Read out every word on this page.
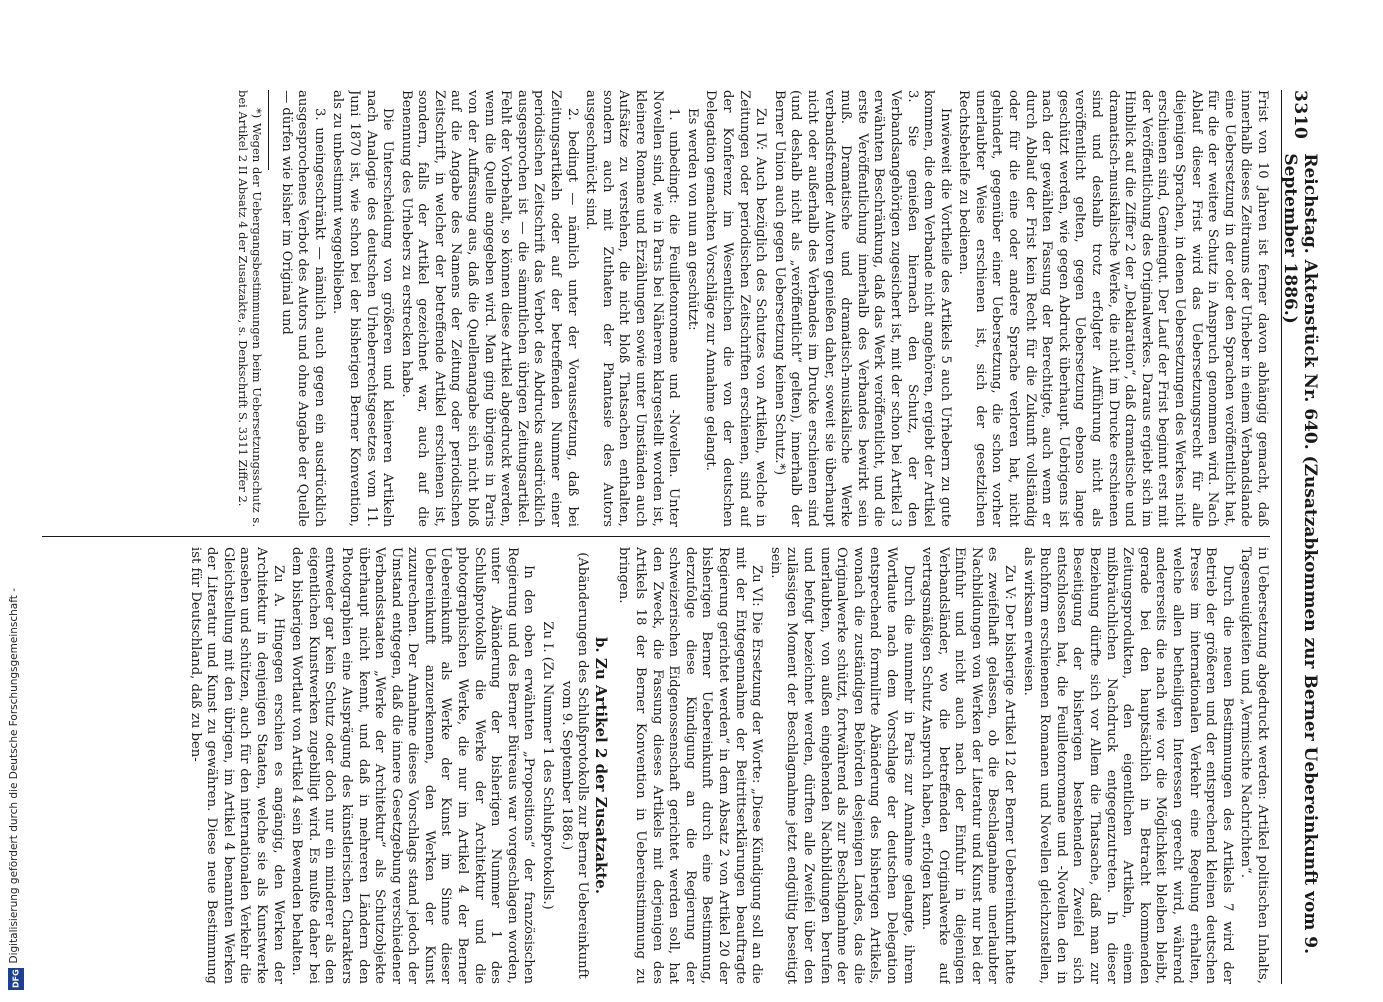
3310
Reichstag. Aktenstück Nr. 640. (Zusatzabkommen zur Berner Uebereinkunft vom 9. September 1886.)

Frist von 10 Jahren ist ferner davon abhängig gemacht, daß innerhalb dieses Zeitraums der Urheber in einem Verbandslande eine Uebersetzung in der oder den Sprachen veröffentlicht hat, für die der weitere Schutz in Anspruch genommen wird. Nach Ablauf dieser Frist wird das Uebersetzungsrecht für alle diejenigen Sprachen, in denen Uebersetzungen des Werkes nicht erschienen sind, Gemeingut. Der Lauf der Frist beginnt erst mit der Veröffentlichung des Originalwerkes. Daraus ergiebt sich im Hinblick auf die Ziffer 2 der „Deklaration“, daß dramatische und dramatisch-musikalische Werke, die nicht im Drucke erschienen sind und deshalb trotz erfolgter Aufführung nicht als veröffentlicht gelten, gegen Uebersetzung ebenso lange geschützt werden, wie gegen Abdruck überhaupt. Uebrigens ist nach der gewählten Fassung der Berechtigte, auch wenn er durch Ablauf der Frist kein Recht für die Zukunft vollständig oder für die eine oder andere Sprache verloren hat, nicht gehindert, gegenüber einer Uebersetzung, die schon vorher unerlaubter Weise erschienen ist, sich der gesetzlichen Rechtsbehelfe zu bedienen.

Inwieweit die Vortheile des Artikels 5 auch Urhebern zu gute kommen, die dem Verbande nicht angehören, ergiebt der Artikel 3. Sie genießen hiernach den Schutz, der den Verbandsangehörigen zugesichert ist, mit der schon bei Artikel 3 erwähnten Beschränkung, daß das Werk veröffentlicht, und die erste Veröffentlichung innerhalb des Verbandes bewirkt sein muß. Dramatische und dramatisch-musikalische Werke verbandsfremder Autoren genießen daher, soweit sie überhaupt nicht oder außerhalb des Verbandes im Drucke erschienen sind (und deshalb nicht als „veröffentlicht“ gelten), innerhalb der Berner Union auch gegen Uebersetzung keinen Schutz.*)

Zu IV: Auch bezüglich des Schutzes von Artikeln, welche in Zeitungen oder periodischen Zeitschriften erschienen, sind auf der Konferenz im Wesentlichen die von der deutschen Delegation gemachten Vorschläge zur Annahme gelangt.

Es werden von nun an geschützt:

1. unbedingt: die Feuilletonromane und -Novellen. Unter Novellen sind, wie in Paris bei Näherem klargestellt worden ist, kleinere Romane und Erzählungen sowie unter Umständen auch Aufsätze zu verstehen, die nicht bloß Thatsachen enthalten, sondern auch mit Zuthaten der Phantasie des Autors ausgeschmückt sind.

2. bedingt — nämlich unter der Voraussetzung, daß bei Zeitungsartikeln oder auf der betreffenden Nummer einer periodischen Zeitschrift das Verbot des Abdrucks ausdrücklich ausgesprochen ist — die sämmtlichen übrigen Zeitungsartikel. Fehlt der Vorbehalt, so können diese Artikel abgedruckt werden, wenn die Quelle angegeben wird. Man ging übrigens in Paris von der Auffassung aus, daß die Quellenangabe sich nicht bloß auf die Angabe des Namens der Zeitung oder periodischen Zeitschrift, in welcher der betreffende Artikel erschienen ist, sondern, falls der Artikel gezeichnet war, auch auf die Benennung des Urhebers zu erstrecken habe.

Die Unterscheidung von größeren und kleineren Artikeln nach Analogie des deutschen Urheberrechtsgesetzes vom 11. Juni 1870 ist, wie schon bei der bisherigen Berner Konvention, als zu unbestimmt weggeblieben.

3. uneingeschränkt — nämlich auch gegen ein ausdrücklich ausgesprochenes Verbot des Autors und ohne Angabe der Quelle — dürfen wie bisher im Original und

*) Wegen der Uebergangsbestimmungen beim Uebersetzungsschutz s. bei Artikel 2 II Absatz 4 der Zusatzakte, s. Denkschrift S. 3311 Ziffer 2.

in Uebersetzung abgedruckt werden: Artikel politischen Inhalts, Tagesneuigkeiten und „Vermischte Nachrichten“.

Durch die neuen Bestimmungen des Artikels 7 wird der Betrieb der größeren und der entsprechend kleinen deutschen Presse im internationalen Verkehr eine Regelung erhalten, welche allen betheiligten Interessen gerecht wird, während andererseits die nach wie vor die Möglichkeit bleiben bleibt, gerade bei den hauptsächlich in Betracht kommenden Zeitungsprodukten, den eigentlichen Artikeln, einem mißbräuchlichen Nachdruck entgegenzutreten. In dieser Beziehung dürfte sich vor Allem die Thatsache, daß man zur Beseitigung der bisherigen bestehenden Zweifel sich entschlossen hat, die Feuilletonromane und -Novellen den in Buchform erschienenen Romanen und Novellen gleichzustellen, als wirksam erweisen.

Zu V: Der bisherige Artikel 12 der Berner Uebereinkunft hatte es zweifelhaft gelassen, ob die Beschlagnahme unerlaubter Nachbildungen von Werken der Literatur und Kunst nur bei der Einfuhr und nicht auch nach der Einfuhr in diejenigen Verbandsländer, wo die betreffenden Originalwerke auf vertragsmäßigen Schutz Anspruch haben, erfolgen kann.

Durch die nunmehr in Paris zur Annahme gelangte, ihrem Wortlaute nach dem Vorschlage der deutschen Delegation entsprechend formulirte Abänderung des bisherigen Artikels, wonach die zuständigen Behörden desjenigen Landes, das die Originalwerke schützt, fortwährend als zur Beschlagnahme der unerlaubten, von außen eingehenden Nachbildungen berufen und befugt bezeichnet werden, dürften alle Zweifel über den zulässigen Moment der Beschlagnahme jetzt endgültig beseitigt sein.

Zu VI: Die Ersetzung der Worte: „Diese Kündigung soll an die mit der Entgegennahme der Beitrittserklärungen beauftragte Regierung gerichtet werden“ in dem Absatz 2 von Artikel 20 der bisherigen Berner Uebereinkunft durch eine Bestimmung, derzufolge diese Kündigung an die Regierung der schweizerischen Eidgenossenschaft gerichtet werden soll, hat den Zweck, die Fassung dieses Artikels mit derjenigen des Artikels 18 der Berner Konvention in Uebereinstimmung zu bringen.

b. Zu Artikel 2 der Zusatzakte.

(Abänderungen des Schlußprotokolls zur Berner Uebereinkunft vom 9. September 1886.)

Zu I. (Zu Nummer 1 des Schlußprotokolls.)

In den oben erwähnten „Propositions“ der französischen Regierung und des Berner Büreaus war vorgeschlagen worden, unter Abänderung der bisherigen Nummer 1 des Schlußprotokolls die Werke der Architektur und die photographischen Werke, die nur im Artikel 4 der Berner Uebereinkunft als Werke der Kunst im Sinne dieser Uebereinkunft anzuerkennen, den Werken der Kunst zuzurechnen. Der Annahme dieses Vorschlags stand jedoch der Umstand entgegen, daß die innere Gesetzgebung verschiedener Verbandsstaaten „Werke der Architektur“ als Schutzobjekte überhaupt nicht kennt, und daß in mehreren Ländern den Photographien eine Ausprägung des künstlerischen Charakters entweder gar kein Schutz oder doch nur ein minderer als den eigentlichen Kunstwerken zugebilligt wird. Es mußte daher bei dem bisherigen Wortlaut von Artikel 4 sein Bewenden behalten.

Zu A. Hingegen erschien es angängig, den Werken der Architektur in denjenigen Staaten, welche sie als Kunstwerke ansehen und schützen, auch für den internationalen Verkehr die Gleichstellung mit den übrigen, im Artikel 4 benannten Werken der Literatur und Kunst zu gewähren. Diese neue Bestimmung ist für Deutschland, daß zu ben-

Digitalisierung gefördert durch die Deutsche Forschungsgemeinschaft -
DFG
